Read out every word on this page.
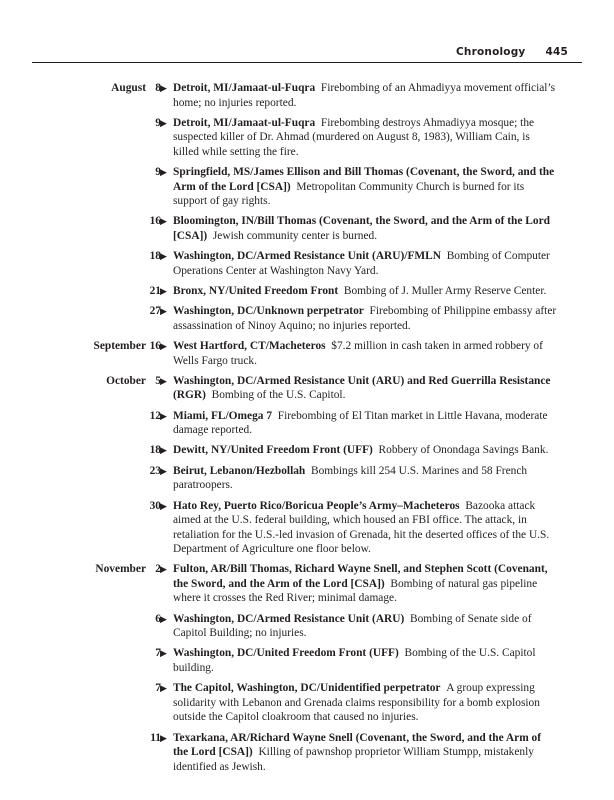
Chronology 445
August 8 ▶ Detroit, MI/Jamaat-ul-Fuqra Firebombing of an Ahmadiyya movement official’s home; no injuries reported.
9 ▶ Detroit, MI/Jamaat-ul-Fuqra Firebombing destroys Ahmadiyya mosque; the suspected killer of Dr. Ahmad (murdered on August 8, 1983), William Cain, is killed while setting the fire.
9 ▶ Springfield, MS/James Ellison and Bill Thomas (Covenant, the Sword, and the Arm of the Lord [CSA]) Metropolitan Community Church is burned for its support of gay rights.
16 ▶ Bloomington, IN/Bill Thomas (Covenant, the Sword, and the Arm of the Lord [CSA]) Jewish community center is burned.
18 ▶ Washington, DC/Armed Resistance Unit (ARU)/FMLN Bombing of Computer Operations Center at Washington Navy Yard.
21 ▶ Bronx, NY/United Freedom Front Bombing of J. Muller Army Reserve Center.
27 ▶ Washington, DC/Unknown perpetrator Firebombing of Philippine embassy after assassination of Ninoy Aquino; no injuries reported.
September 16 ▶ West Hartford, CT/Macheteros $7.2 million in cash taken in armed robbery of Wells Fargo truck.
October 5 ▶ Washington, DC/Armed Resistance Unit (ARU) and Red Guerrilla Resistance (RGR) Bombing of the U.S. Capitol.
12 ▶ Miami, FL/Omega 7 Firebombing of El Titan market in Little Havana, moderate damage reported.
18 ▶ Dewitt, NY/United Freedom Front (UFF) Robbery of Onondaga Savings Bank.
23 ▶ Beirut, Lebanon/Hezbollah Bombings kill 254 U.S. Marines and 58 French paratroopers.
30 ▶ Hato Rey, Puerto Rico/Boricua People’s Army–Macheteros Bazooka attack aimed at the U.S. federal building, which housed an FBI office. The attack, in retaliation for the U.S.-led invasion of Grenada, hit the deserted offices of the U.S. Department of Agriculture one floor below.
November 2 ▶ Fulton, AR/Bill Thomas, Richard Wayne Snell, and Stephen Scott (Covenant, the Sword, and the Arm of the Lord [CSA]) Bombing of natural gas pipeline where it crosses the Red River; minimal damage.
6 ▶ Washington, DC/Armed Resistance Unit (ARU) Bombing of Senate side of Capitol Building; no injuries.
7 ▶ Washington, DC/United Freedom Front (UFF) Bombing of the U.S. Capitol building.
7 ▶ The Capitol, Washington, DC/Unidentified perpetrator A group expressing solidarity with Lebanon and Grenada claims responsibility for a bomb explosion outside the Capitol cloakroom that caused no injuries.
11 ▶ Texarkana, AR/Richard Wayne Snell (Covenant, the Sword, and the Arm of the Lord [CSA]) Killing of pawnshop proprietor William Stumpp, mistakenly identified as Jewish.
